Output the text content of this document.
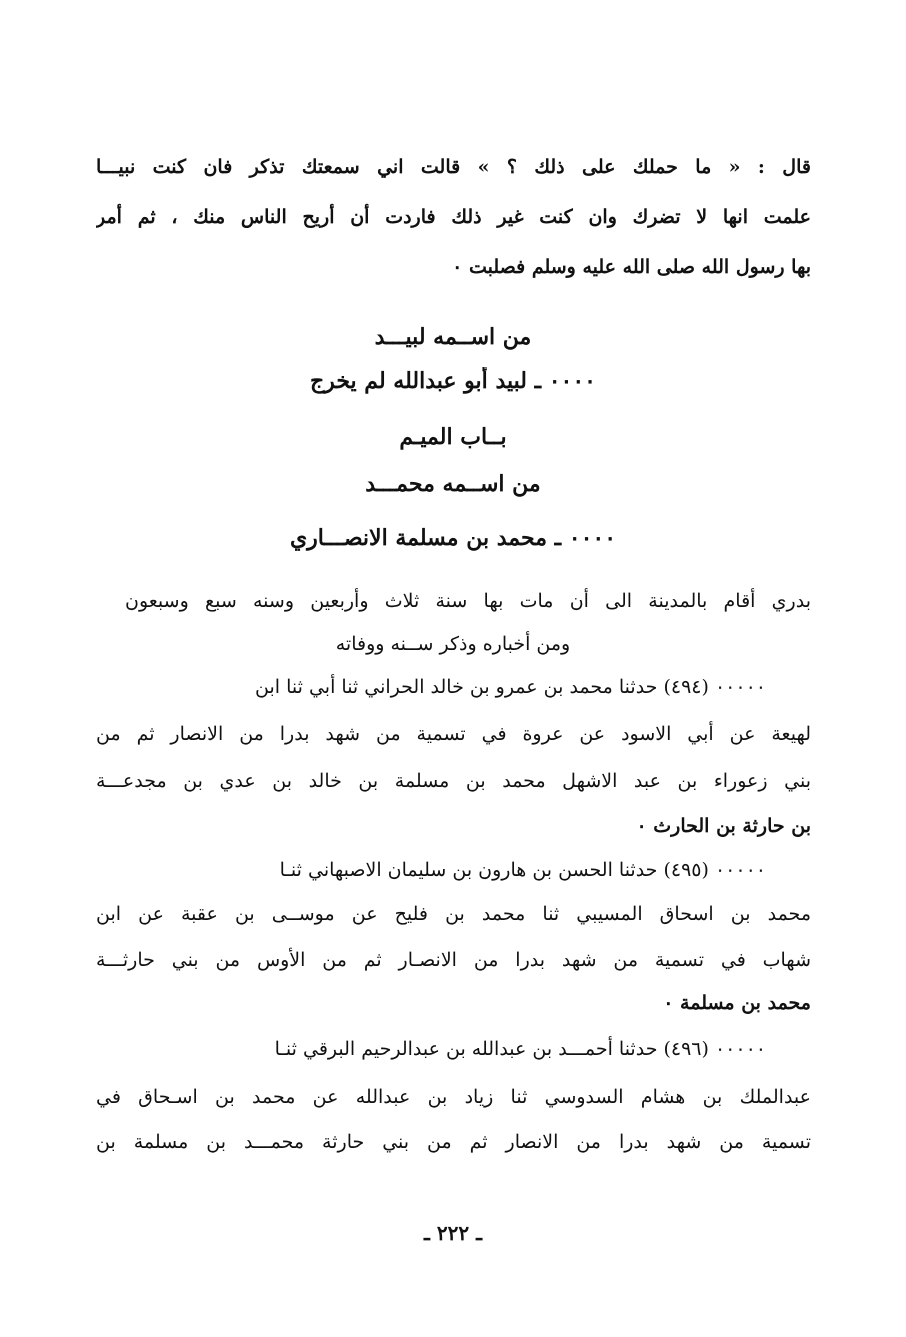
قال : « ما حملك على ذلك ؟ » قالت اني سمعتك تذكر فان كنت نبيـــا
علمت انها لا تضرك وان كنت غير ذلك فاردت أن أريح الناس منك ، ثم أمر
بها رسول الله صلى الله عليه وسلم فصلبت ٠
من اســمه لبيـــد
٠٠٠٠ ـ لبيد أبو عبدالله لم يخرج
بــاب الميـم
من اســمه محمـــد
٠٠٠٠ ـ محمد بن مسلمة الانصـــاري
بدري أقام بالمدينة الى أن مات بها سنة ثلاث وأربعين وسنه سبع وسبعون
ومن أخباره وذكر ســنه ووفاته
٠٠٠٠٠ (٤٩٤) حدثنا محمد بن عمرو بن خالد الحراني ثنا أبي ثنا ابن
لهيعة عن أبي الاسود عن عروة في تسمية من شهد بدرا من الانصار ثم من
بني زعوراء بن عبد الاشهل محمد بن مسلمة بن خالد بن عدي بن مجدعـــة
بن حارثة بن الحارث ٠
٠٠٠٠٠ (٤٩٥) حدثنا الحسن بن هارون بن سليمان الاصبهاني ثنـا
محمد بن اسحاق المسيبي ثنا محمد بن فليح عن موســى بن عقبة عن ابن
شهاب في تسمية من شهد بدرا من الانصـار ثم من الأوس من بني حارثـــة
محمد بن مسلمة ٠
٠٠٠٠٠ (٤٩٦) حدثنا أحمـــد بن عبدالله بن عبدالرحيم البرقي ثنـا
عبدالملك بن هشام السدوسي ثنا زياد بن عبدالله عن محمد بن اسـحاق في
تسمية من شهد بدرا من الانصار ثم من بني حارثة محمـــد بن مسلمة بن
ـ ٢٢٢ ـ
